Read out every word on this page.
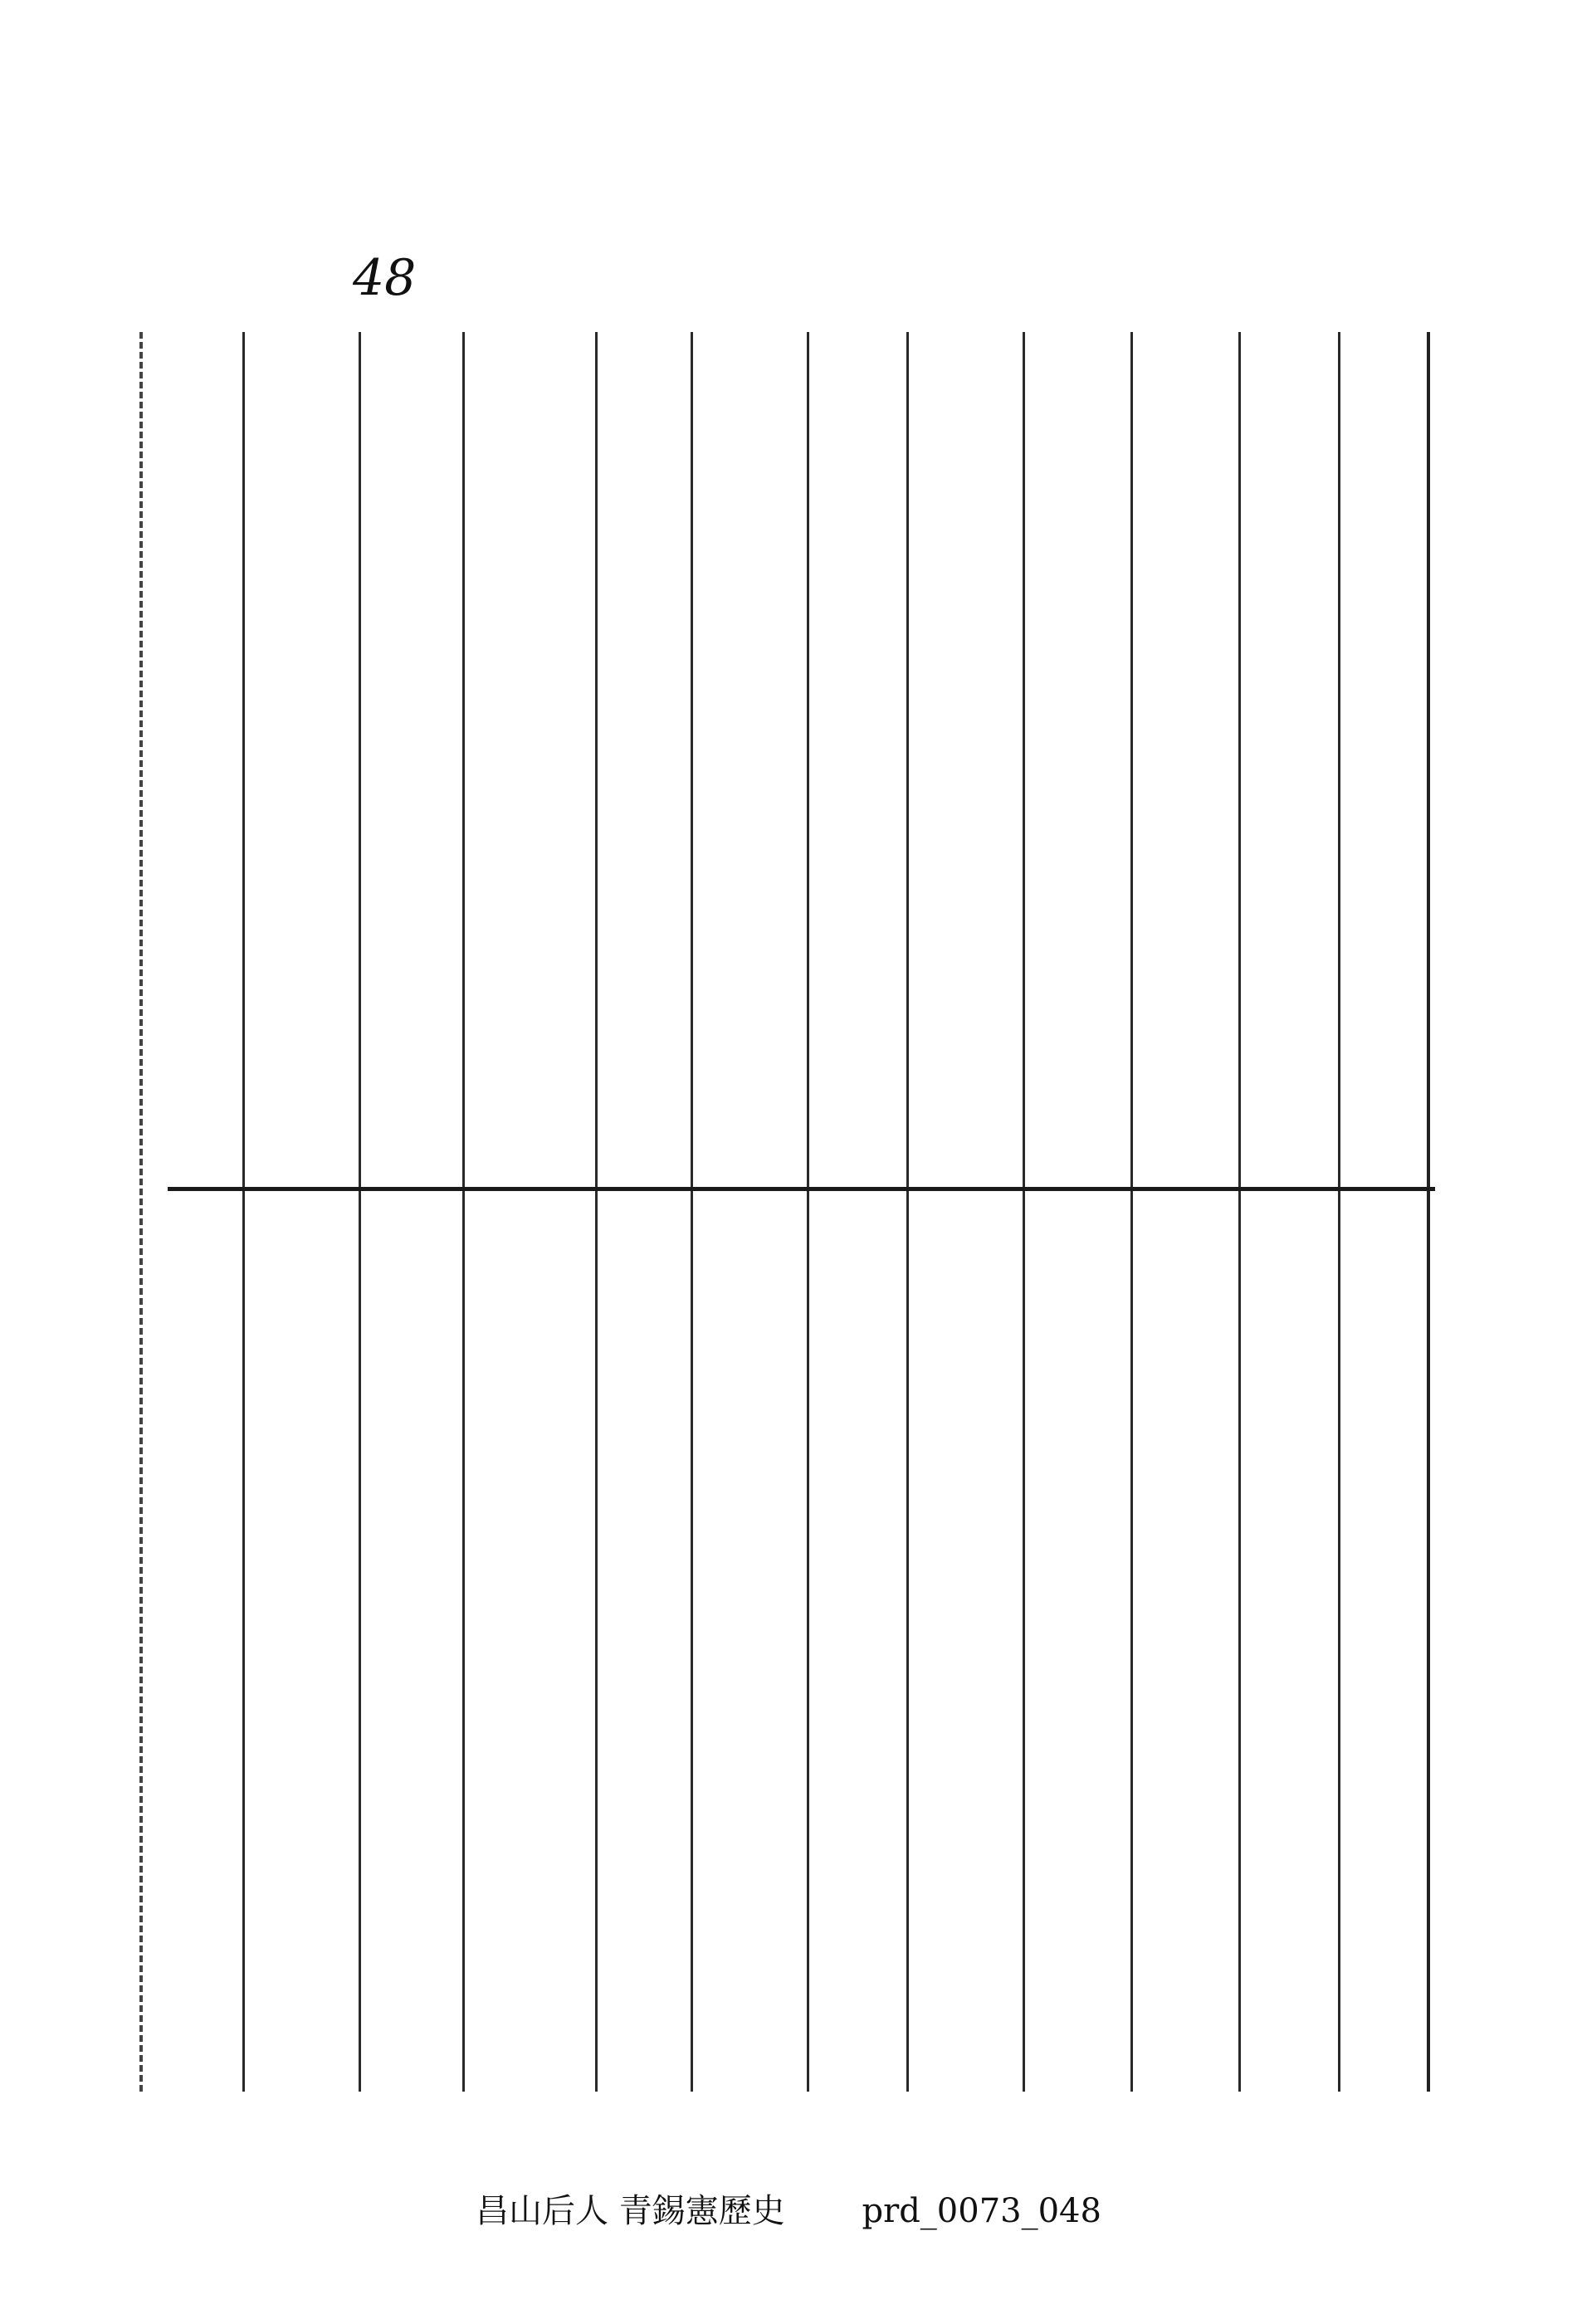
48
昌山后人 青錫憲歷史 prd_0073_048
